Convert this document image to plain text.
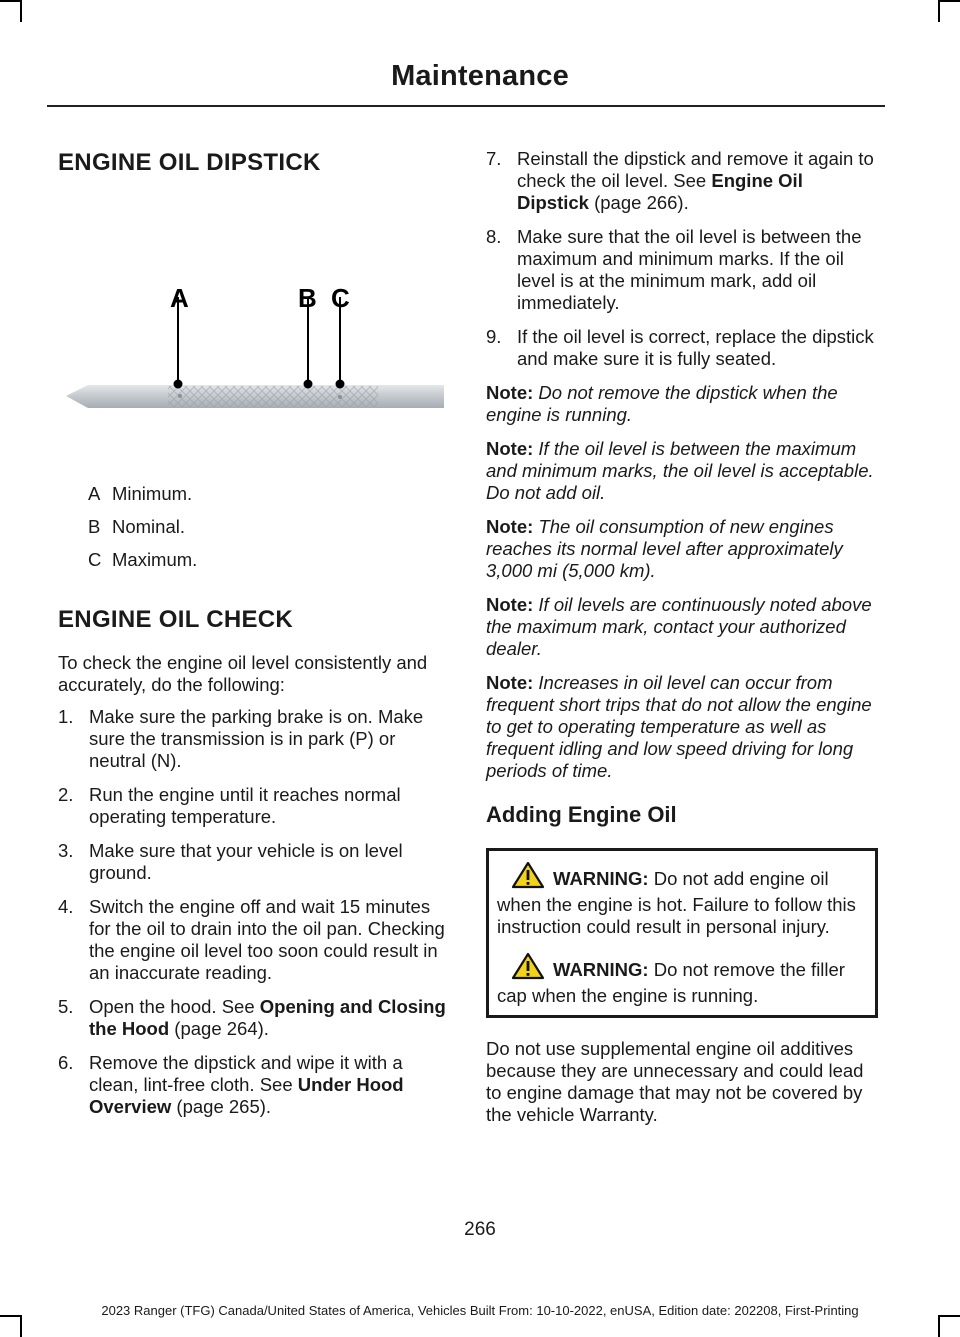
Maintenance
ENGINE OIL DIPSTICK
A	B C
A Minimum.
B Nominal.
C Maximum.
ENGINE OIL CHECK

To check the engine oil level consistently and accurately, do the following:

1. Make sure the parking brake is on. Make sure the transmission is in park (P) or neutral (N).
2. Run the engine until it reaches normal operating temperature.
3. Make sure that your vehicle is on level ground.
4. Switch the engine off and wait 15 minutes for the oil to drain into the oil pan. Checking the engine oil level too soon could result in an inaccurate reading.
5. Open the hood. See Opening and Closing the Hood (page 264).
6. Remove the dipstick and wipe it with a clean, lint-free cloth. See Under Hood Overview (page 265).
7. Reinstall the dipstick and remove it again to check the oil level. See Engine Oil Dipstick (page 266).
8. Make sure that the oil level is between the maximum and minimum marks. If the oil level is at the minimum mark, add oil immediately.
9. If the oil level is correct, replace the dipstick and make sure it is fully seated.

Note: Do not remove the dipstick when the engine is running.

Note: If the oil level is between the maximum and minimum marks, the oil level is acceptable. Do not add oil.

Note: The oil consumption of new engines reaches its normal level after approximately 3,000 mi (5,000 km).

Note: If oil levels are continuously noted above the maximum mark, contact your authorized dealer.

Note: Increases in oil level can occur from frequent short trips that do not allow the engine to get to operating temperature as well as frequent idling and low speed driving for long periods of time.

Adding Engine Oil
WARNING: Do not add engine oil when the engine is hot. Failure to follow this instruction could result in personal injury.
WARNING: Do not remove the filler cap when the engine is running.

Do not use supplemental engine oil additives because they are unnecessary and could lead to engine damage that may not be covered by the vehicle Warranty.

266
2023 Ranger (TFG) Canada/United States of America, Vehicles Built From: 10-10-2022, enUSA, Edition date: 202208, First-Printing
